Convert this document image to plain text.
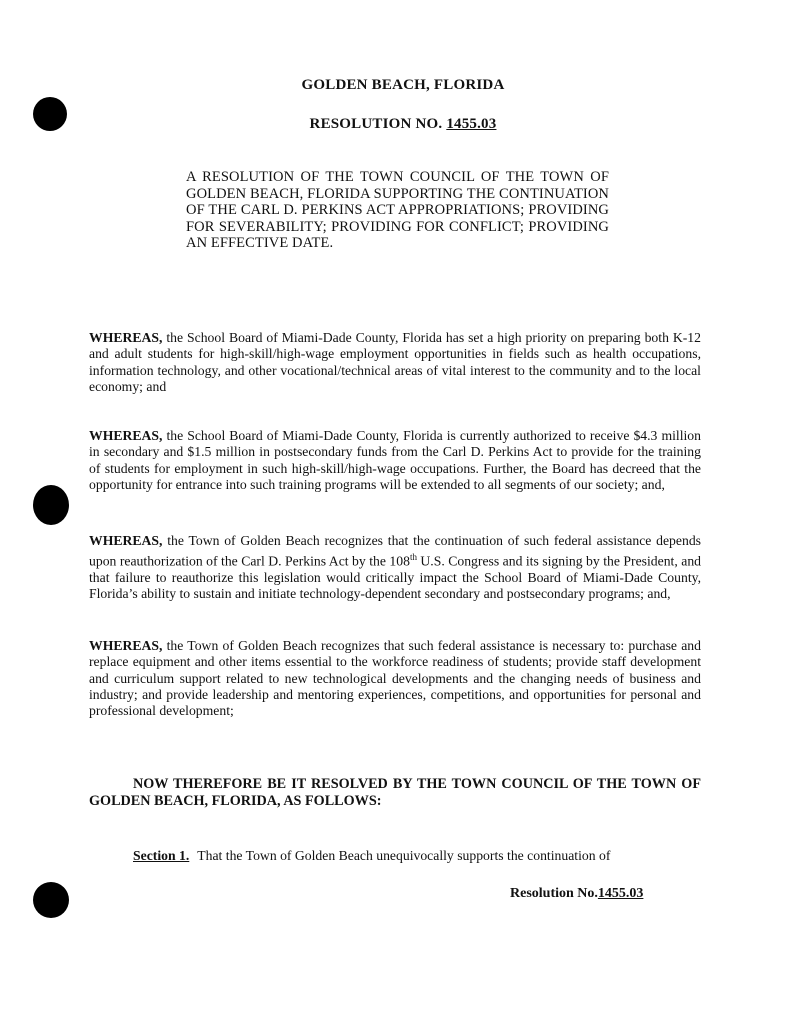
GOLDEN BEACH, FLORIDA
RESOLUTION NO. 1455.03
A RESOLUTION OF THE TOWN COUNCIL OF THE TOWN OF GOLDEN BEACH, FLORIDA SUPPORTING THE CONTINUATION OF THE CARL D. PERKINS ACT APPROPRIATIONS; PROVIDING FOR SEVERABILITY; PROVIDING FOR CONFLICT; PROVIDING AN EFFECTIVE DATE.
WHEREAS, the School Board of Miami-Dade County, Florida has set a high priority on preparing both K-12 and adult students for high-skill/high-wage employment opportunities in fields such as health occupations, information technology, and other vocational/technical areas of vital interest to the community and to the local economy; and
WHEREAS, the School Board of Miami-Dade County, Florida is currently authorized to receive $4.3 million in secondary and $1.5 million in postsecondary funds from the Carl D. Perkins Act to provide for the training of students for employment in such high-skill/high-wage occupations. Further, the Board has decreed that the opportunity for entrance into such training programs will be extended to all segments of our society; and,
WHEREAS, the Town of Golden Beach recognizes that the continuation of such federal assistance depends upon reauthorization of the Carl D. Perkins Act by the 108th U.S. Congress and its signing by the President, and that failure to reauthorize this legislation would critically impact the School Board of Miami-Dade County, Florida’s ability to sustain and initiate technology-dependent secondary and postsecondary programs; and,
WHEREAS, the Town of Golden Beach recognizes that such federal assistance is necessary to: purchase and replace equipment and other items essential to the workforce readiness of students; provide staff development and curriculum support related to new technological developments and the changing needs of business and industry; and provide leadership and mentoring experiences, competitions, and opportunities for personal and professional development;
NOW THEREFORE BE IT RESOLVED BY THE TOWN COUNCIL OF THE TOWN OF GOLDEN BEACH, FLORIDA, AS FOLLOWS:
Section 1. That the Town of Golden Beach unequivocally supports the continuation of
Resolution No.1455.03
